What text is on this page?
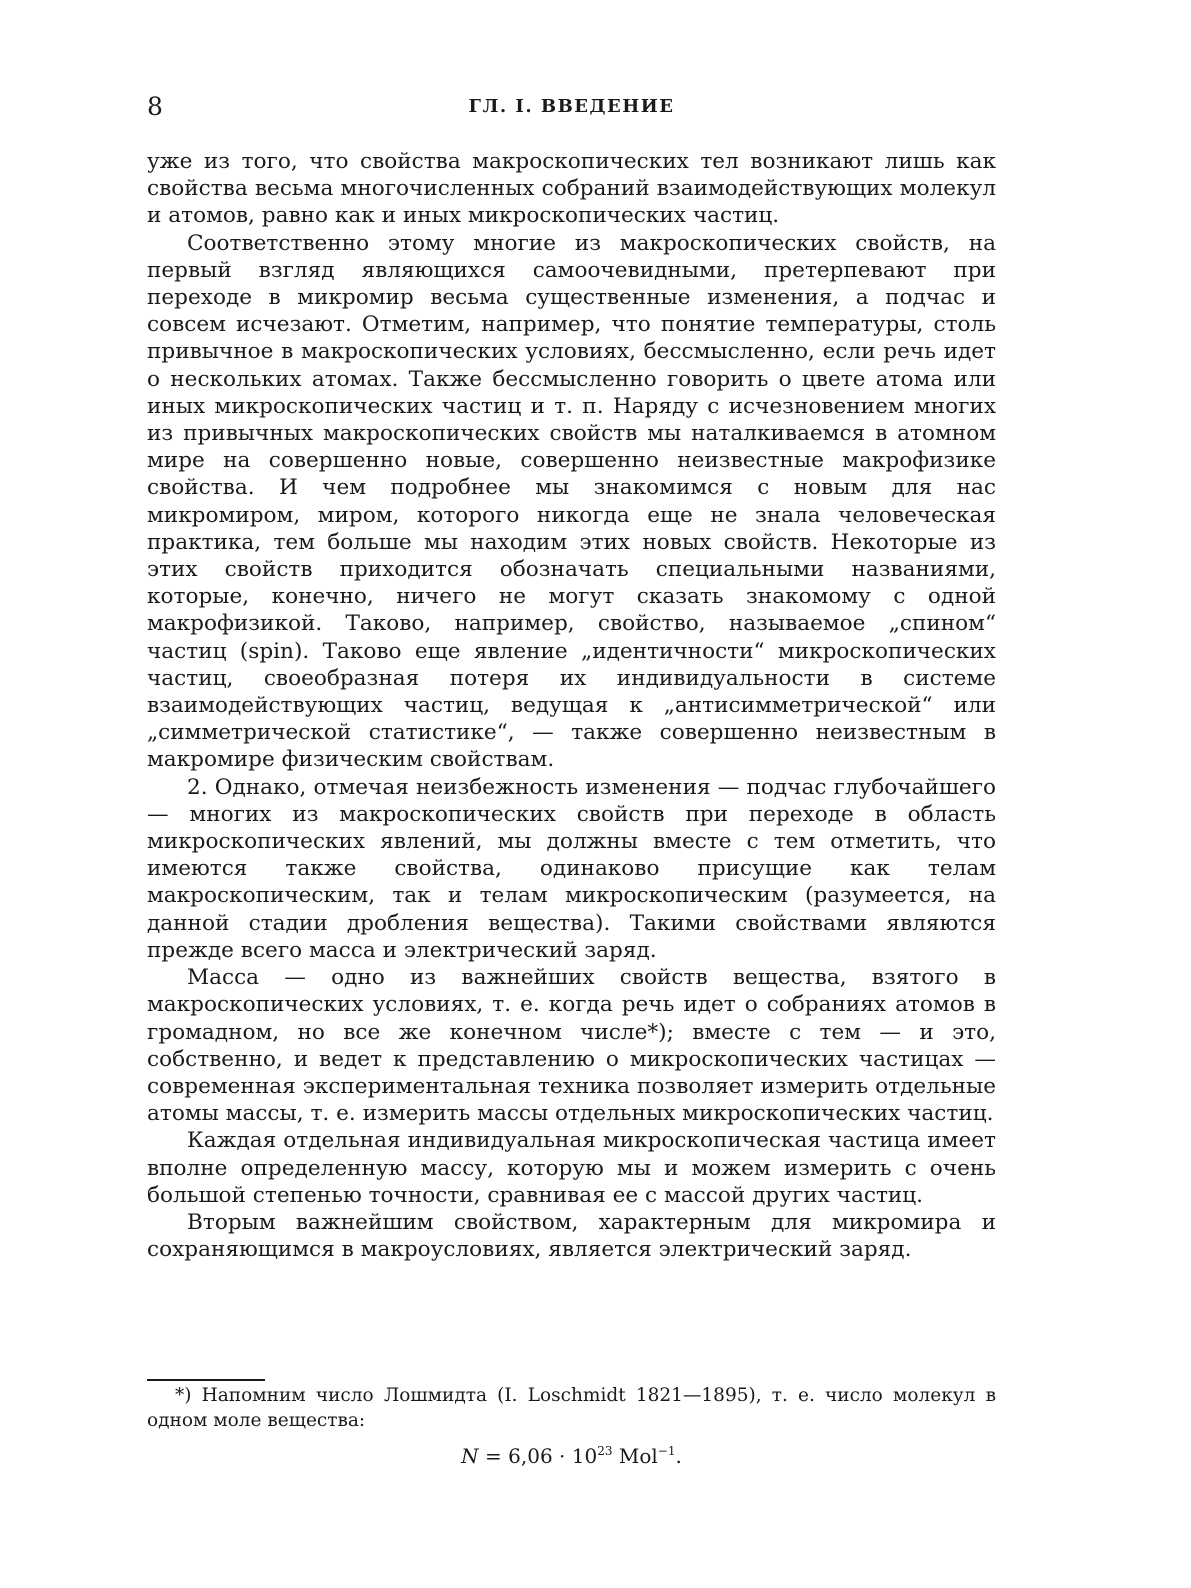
8	ГЛ. I. ВВЕДЕНИЕ

уже из того, что свойства макроскопических тел возникают лишь как свойства весьма многочисленных собраний взаимодействующих молекул и атомов, равно как и иных микроскопических частиц.

Соответственно этому многие из макроскопических свойств, на первый взгляд являющихся самоочевидными, претерпевают при переходе в микромир весьма существенные изменения, а подчас и совсем исчезают. Отметим, например, что понятие температуры, столь привычное в макроскопических условиях, бессмысленно, если речь идет о нескольких атомах. Также бессмысленно говорить о цвете атома или иных микроскопических частиц и т. п. Наряду с исчезновением многих из привычных макроскопических свойств мы наталкиваемся в атомном мире на совершенно новые, совершенно неизвестные макрофизике свойства. И чем подробнее мы знакомимся с новым для нас микромиром, миром, которого никогда еще не знала человеческая практика, тем больше мы находим этих новых свойств. Некоторые из этих свойств приходится обозначать специальными названиями, которые, конечно, ничего не могут сказать знакомому с одной макрофизикой. Таково, например, свойство, называемое „спином“ частиц (spin). Таково еще явление „идентичности“ микроскопических частиц, своеобразная потеря их индивидуальности в системе взаимодействующих частиц, ведущая к „антисимметрической“ или „симметрической статистике“, — также совершенно неизвестным в макромире физическим свойствам.

2. Однако, отмечая неизбежность изменения — подчас глубочайшего — многих из макроскопических свойств при переходе в область микроскопических явлений, мы должны вместе с тем отметить, что имеются также свойства, одинаково присущие как телам макроскопическим, так и телам микроскопическим (разумеется, на данной стадии дробления вещества). Такими свойствами являются прежде всего масса и электрический заряд.

Масса — одно из важнейших свойств вещества, взятого в макроскопических условиях, т. е. когда речь идет о собраниях атомов в громадном, но все же конечном числе*); вместе с тем — и это, собственно, и ведет к представлению о микроскопических частицах — современная экспериментальная техника позволяет измерить отдельные атомы массы, т. е. измерить массы отдельных микроскопических частиц.

Каждая отдельная индивидуальная микроскопическая частица имеет вполне определенную массу, которую мы и можем измерить с очень большой степенью точности, сравнивая ее с массой других частиц.

Вторым важнейшим свойством, характерным для микромира и сохраняющимся в макроусловиях, является электрический заряд.

*) Напомним число Лошмидта (I. Loschmidt 1821—1895), т. е. число молекул в одном моле вещества:

$N = 6,06 \cdot 10^{23}$ Mol$^{-1}$.
